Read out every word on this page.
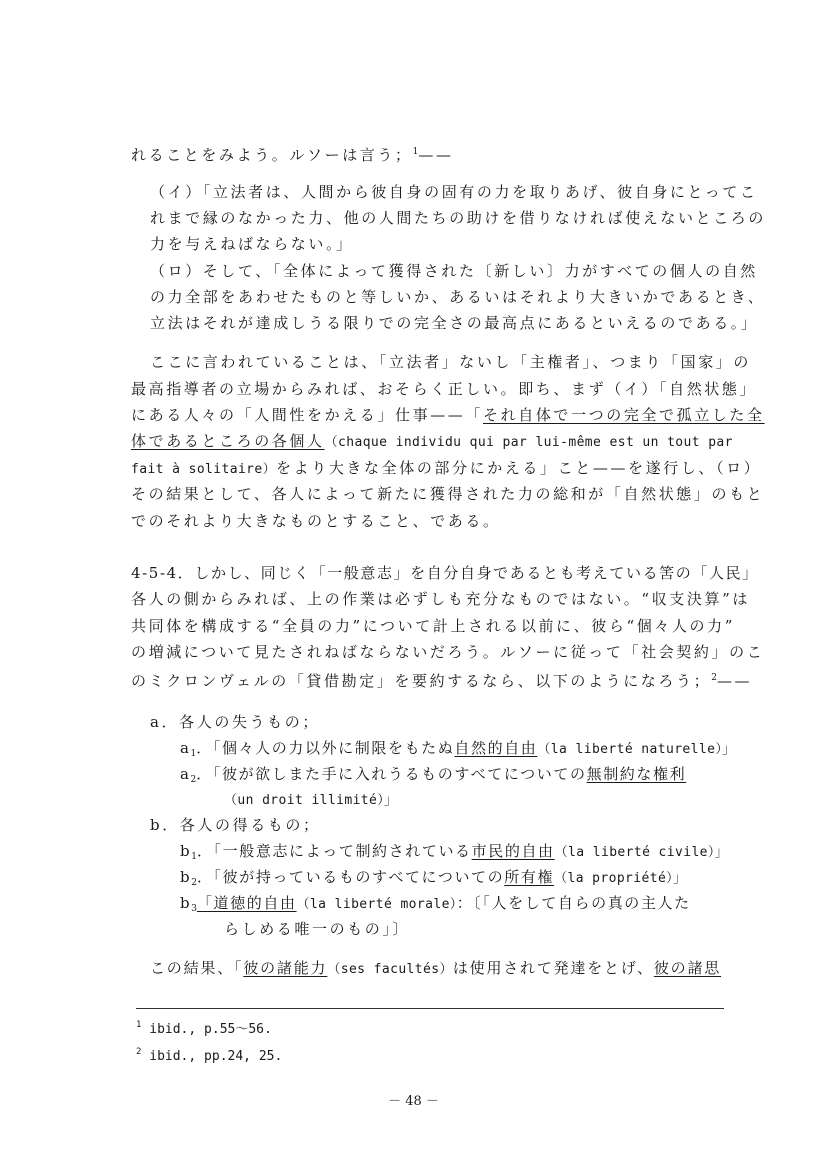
れることをみよう。ルソーは言う；$^1$——
（イ）「立法者は、人間から彼自身の固有の力を取りあげ、彼自身にとってこ
れまで縁のなかった力、他の人間たちの助けを借りなければ使えないところの
力を与えねばならない。」
（ロ）そして、「全体によって獲得された〔新しい〕力がすべての個人の自然
の力全部をあわせたものと等しいか、あるいはそれより大きいかであるとき、
立法はそれが達成しうる限りでの完全さの最高点にあるといえるのである。」
ここに言われていることは、「立法者」ないし「主権者」、つまり「国家」の
最高指導者の立場からみれば、おそらく正しい。即ち、まず（イ）「自然状態」
にある人々の「人間性をかえる」仕事——「それ自体で一つの完全で孤立した全
体であるところの各個人（chaque individu qui par lui-même est un tout par
fait à solitaire）をより大きな全体の部分にかえる」こと——を遂行し、（ロ）
その結果として、各人によって新たに獲得された力の総和が「自然状態」のもと
でのそれより大きなものとすること、である。
4-5-4．しかし、同じく「一般意志」を自分自身であるとも考えている筈の「人民」
各人の側からみれば、上の作業は必ずしも充分なものではない。“収支決算”は
共同体を構成する“全員の力”について計上される以前に、彼ら“個々人の力”
の増減について見たされねばならないだろう。ルソーに従って「社会契約」のこ
のミクロンヴェルの「貸借勘定」を要約するなら、以下のようになろう；$^2$——
a．各人の失うもの；
$a_1$．「個々人の力以外に制限をもたぬ自然的自由（la liberté naturelle）」
$a_2$．「彼が欲しまた手に入れうるものすべてについての無制約な権利
（un droit illimité）」
b．各人の得るもの；
$b_1$．「一般意志によって制約されている市民的自由（la liberté civile）」
$b_2$．「彼が持っているものすべてについての所有権（la propriété）」
$b_3$「道徳的自由（la liberté morale）：〔「人をして自らの真の主人た
らしめる唯一のもの」〕
この結果、「彼の諸能力（ses facultés）は使用されて発達をとげ、彼の諸思
$^1$ ibid., p.55～56.
$^2$ ibid., pp.24, 25.
－ 48 －
